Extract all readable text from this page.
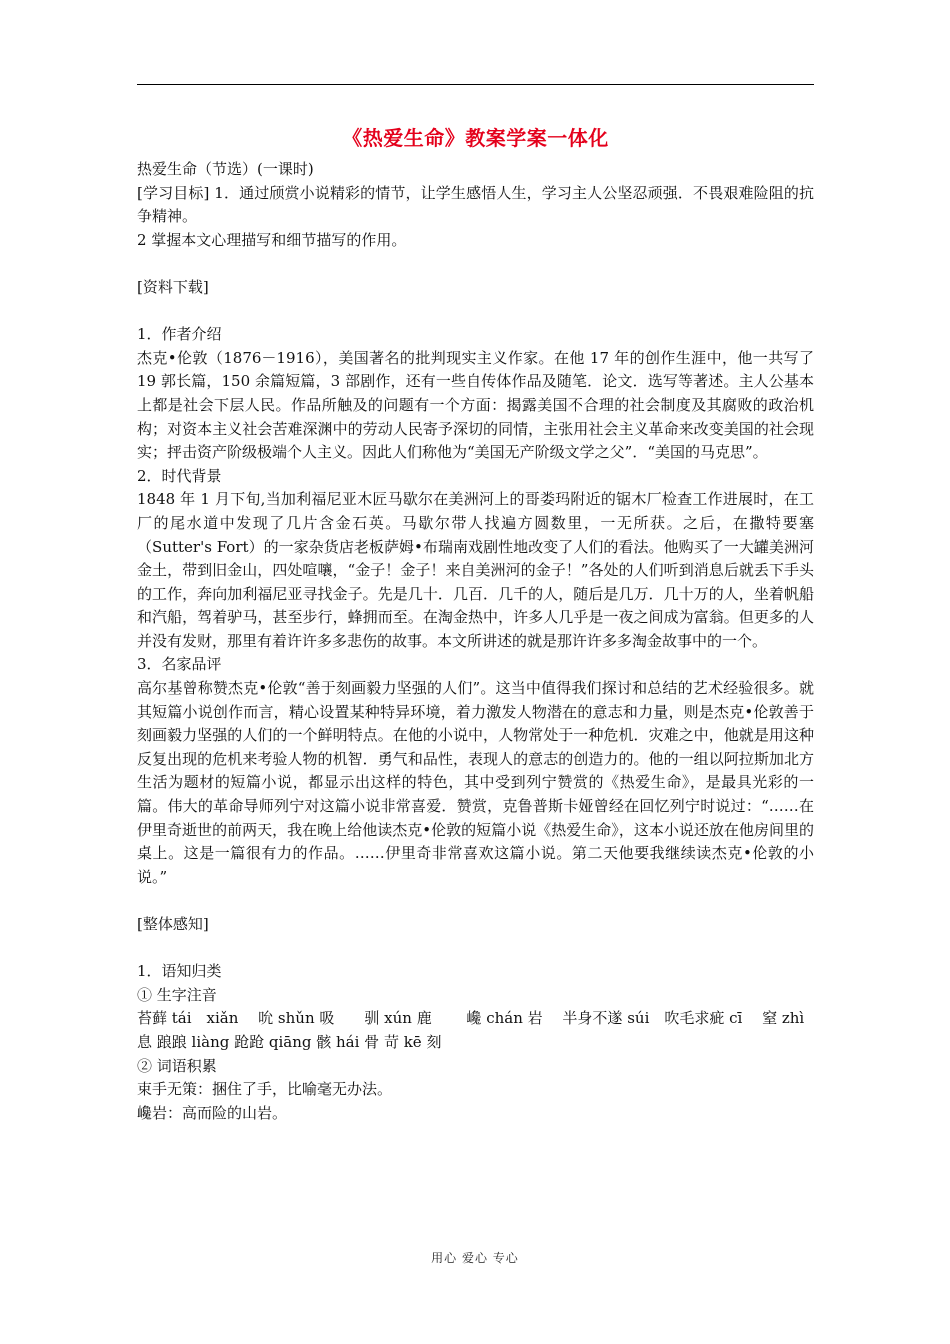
《热爱生命》教案学案一体化

热爱生命（节选）(一课时)

[学习目标] 1．通过颀赏小说精彩的情节，让学生感悟人生，学习主人公坚忍顽强．不畏艰难险阻的抗争精神。

2 掌握本文心理描写和细节描写的作用。

[资料下载]

1．作者介绍

杰克•伦敦（1876－1916），美国著名的批判现实主义作家。在他 17 年的创作生涯中，他一共写了 19 郭长篇，150 余篇短篇，3 部剧作，还有一些自传体作品及随笔．论文．选写等著述。主人公基本上都是社会下层人民。作品所触及的问题有一个方面：揭露美国不合理的社会制度及其腐败的政治机构；对资本主义社会苦难深渊中的劳动人民寄予深切的同情，主张用社会主义革命来改变美国的社会现实；抨击资产阶级极端个人主义。因此人们称他为“美国无产阶级文学之父”．“美国的马克思”。

2．时代背景

1848 年 1 月下旬,当加利福尼亚木匠马歇尔在美洲河上的哥娄玛附近的锯木厂检查工作进展时，在工厂的尾水道中发现了几片含金石英。马歇尔带人找遍方圆数里，一无所获。之后，在撒特要塞（Sutter's Fort）的一家杂货店老板萨姆•布瑞南戏剧性地改变了人们的看法。他购买了一大罐美洲河金土，带到旧金山，四处喧嚷，“金子！金子！来自美洲河的金子！”各处的人们听到消息后就丢下手头的工作，奔向加利福尼亚寻找金子。先是几十．几百．几千的人，随后是几万．几十万的人，坐着帆船和汽船，驾着驴马，甚至步行，蜂拥而至。在淘金热中，许多人几乎是一夜之间成为富翁。但更多的人并没有发财，那里有着许许多多悲伤的故事。本文所讲述的就是那许许多多淘金故事中的一个。

3．名家品评

高尔基曾称赞杰克•伦敦“善于刻画毅力坚强的人们”。这当中值得我们探讨和总结的艺术经验很多。就其短篇小说创作而言，精心设置某种特异环境，着力激发人物潜在的意志和力量，则是杰克•伦敦善于刻画毅力坚强的人们的一个鲜明特点。在他的小说中，人物常处于一种危机．灾难之中，他就是用这种反复出现的危机来考验人物的机智．勇气和品性，表现人的意志的创造力的。他的一组以阿拉斯加北方生活为题材的短篇小说，都显示出这样的特色，其中受到列宁赞赏的《热爱生命》，是最具光彩的一篇。伟大的革命导师列宁对这篇小说非常喜爱．赞赏，克鲁普斯卡娅曾经在回忆列宁时说过：“……在伊里奇逝世的前两天，我在晚上给他读杰克•伦敦的短篇小说《热爱生命》，这本小说还放在他房间里的桌上。这是一篇很有力的作品。……伊里奇非常喜欢这篇小说。第二天他要我继续读杰克•伦敦的小说。”

[整体感知]

1．语知归类

① 生字注音

苔藓 tái　xiǎn　 吮 shǔn 吸　　驯 xún 鹿　　 巉 chán 岩　 半身不遂 súi　吹毛求疵 cī　 窒 zhì

息 踉踉 liàng 跄跄 qiāng 骸 hái 骨 苛 kē 刻

② 词语积累

束手无策：捆住了手，比喻毫无办法。

巉岩：高而险的山岩。

用心 爱心 专心
